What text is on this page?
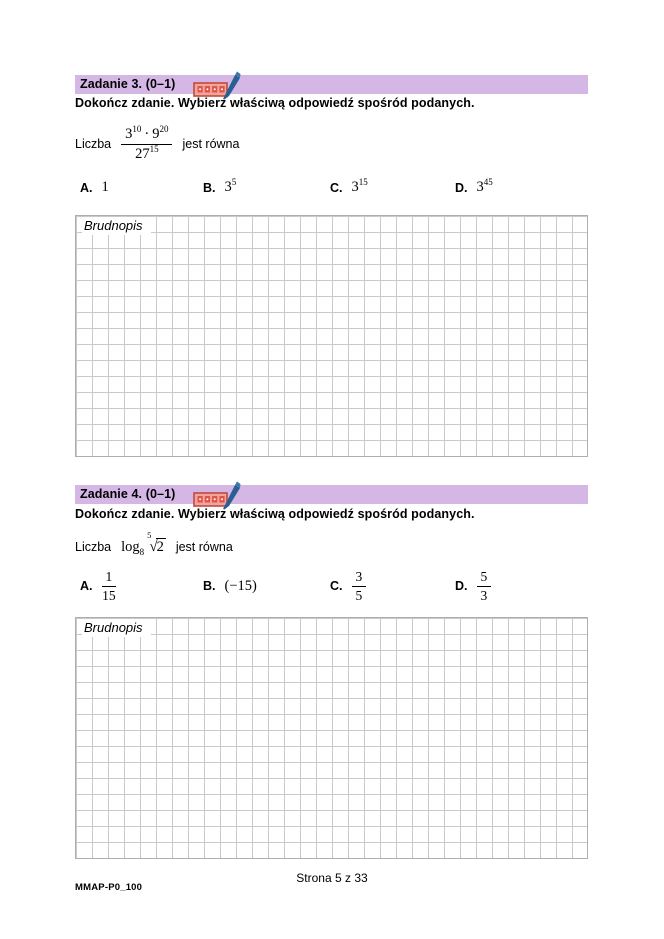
Zadanie 3. (0–1)
Dokończ zdanie. Wybierz właściwą odpowiedź spośród podanych.
Liczba $\frac{3^{10} \cdot 9^{20}}{27^{15}}$ jest równa
A. 1	B. $3^5$	C. $3^{15}$	D. $3^{45}$
Brudnopis
Zadanie 4. (0–1)
Dokończ zdanie. Wybierz właściwą odpowiedź spośród podanych.
Liczba $\log_8 ^5√2$ jest równa
A. $\frac{1}{15}$	B. (−15)	C. $\frac{3}{5}$	D. $\frac{5}{3}$
Brudnopis
Strona 5 z 33
MMAP-P0_100
